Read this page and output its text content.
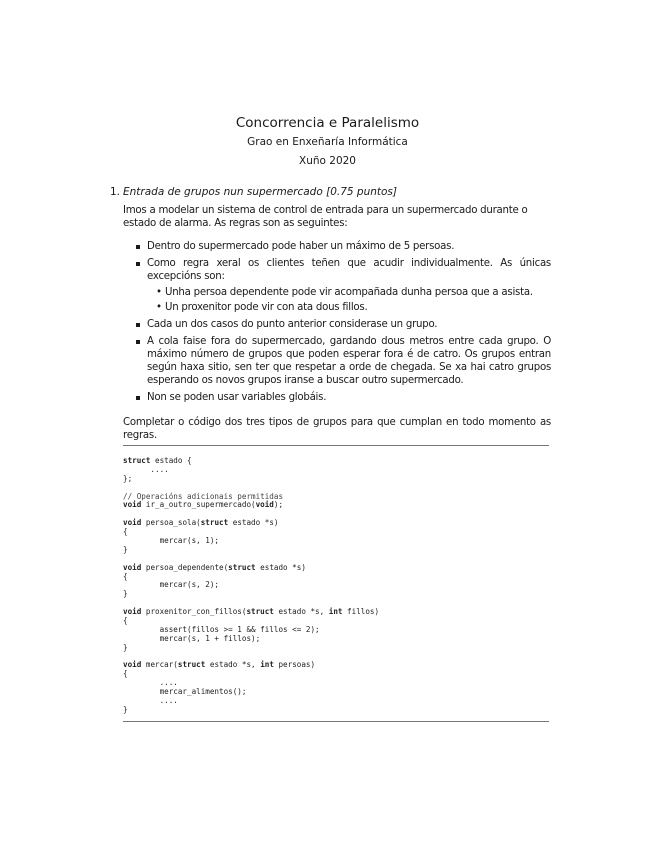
Concorrencia e Paralelismo
Grao en Enxeñaría Informática
Xuño 2020
1. Entrada de grupos nun supermercado [0.75 puntos]
Imos a modelar un sistema de control de entrada para un supermercado durante o estado de alarma. As regras son as seguintes:
Dentro do supermercado pode haber un máximo de 5 persoas.
Como regra xeral os clientes teñen que acudir individualmente. As únicas excepcións son:
• Unha persoa dependente pode vir acompañada dunha persoa que a asista.
• Un proxenitor pode vir con ata dous fillos.
Cada un dos casos do punto anterior considerase un grupo.
A cola faise fora do supermercado, gardando dous metros entre cada grupo. O máximo número de grupos que poden esperar fora é de catro. Os grupos entran según haxa sitio, sen ter que respetar a orde de chegada. Se xa hai catro grupos esperando os novos grupos iranse a buscar outro supermercado.
Non se poden usar variables globáis.
Completar o código dos tres tipos de grupos para que cumplan en todo momento as regras.
struct estado {
....
};

// Operacións adicionais permitidas
void ir_a_outro_supermercado(void);

void persoa_sola(struct estado *s)
{
mercar(s, 1);
}

void persoa_dependente(struct estado *s)
{
mercar(s, 2);
}

void proxenitor_con_fillos(struct estado *s, int fillos)
{
assert(fillos >= 1 && fillos <= 2);
mercar(s, 1 + fillos);
}

void mercar(struct estado *s, int persoas)
{
....
mercar_alimentos();
....
}
